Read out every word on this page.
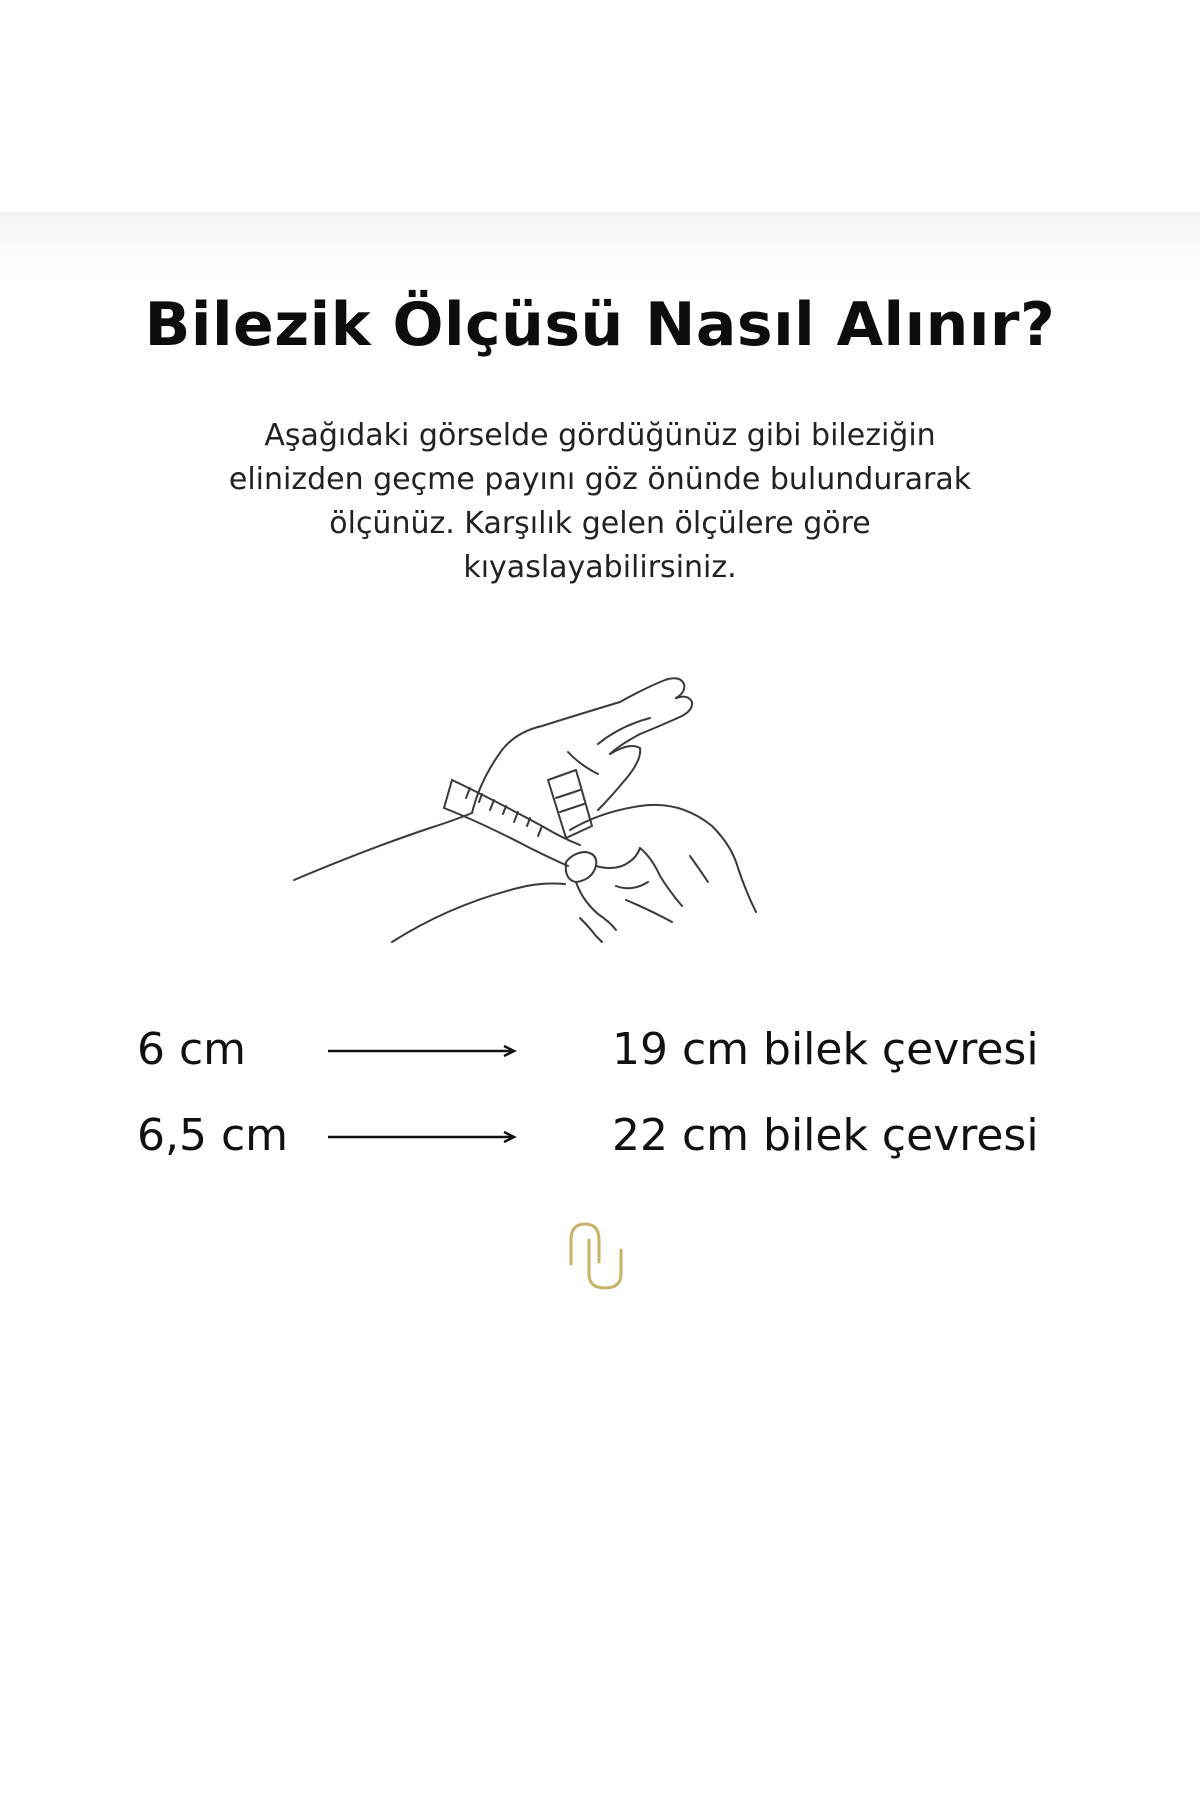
Bilezik Ölçüsü Nasıl Alınır?
Aşağıdaki görselde gördüğünüz gibi bileziğin
elinizden geçme payını göz önünde bulundurarak
ölçünüz. Karşılık gelen ölçülere göre
kıyaslayabilirsiniz.
6 cm	19 cm bilek çevresi
6,5 cm	22 cm bilek çevresi
